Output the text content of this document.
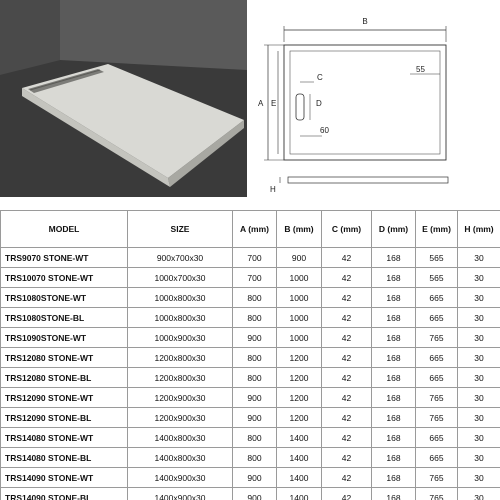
B
C
D
60
55
A E
H
MODEL	SIZE	A (mm)	B (mm)	C (mm)	D (mm)	E (mm)	H (mm)
TRS9070 STONE-WT	900x700x30	700	900	42	168	565	30
TRS10070 STONE-WT	1000x700x30	700	1000	42	168	565	30
TRS1080STONE-WT	1000x800x30	800	1000	42	168	665	30
TRS1080STONE-BL	1000x800x30	800	1000	42	168	665	30
TRS1090STONE-WT	1000x900x30	900	1000	42	168	765	30
TRS12080 STONE-WT	1200x800x30	800	1200	42	168	665	30
TRS12080 STONE-BL	1200x800x30	800	1200	42	168	665	30
TRS12090 STONE-WT	1200x900x30	900	1200	42	168	765	30
TRS12090 STONE-BL	1200x900x30	900	1200	42	168	765	30
TRS14080 STONE-WT	1400x800x30	800	1400	42	168	665	30
TRS14080 STONE-BL	1400x800x30	800	1400	42	168	665	30
TRS14090 STONE-WT	1400x900x30	900	1400	42	168	765	30
TRS14090 STONE-BL	1400x900x30	900	1400	42	168	765	30
